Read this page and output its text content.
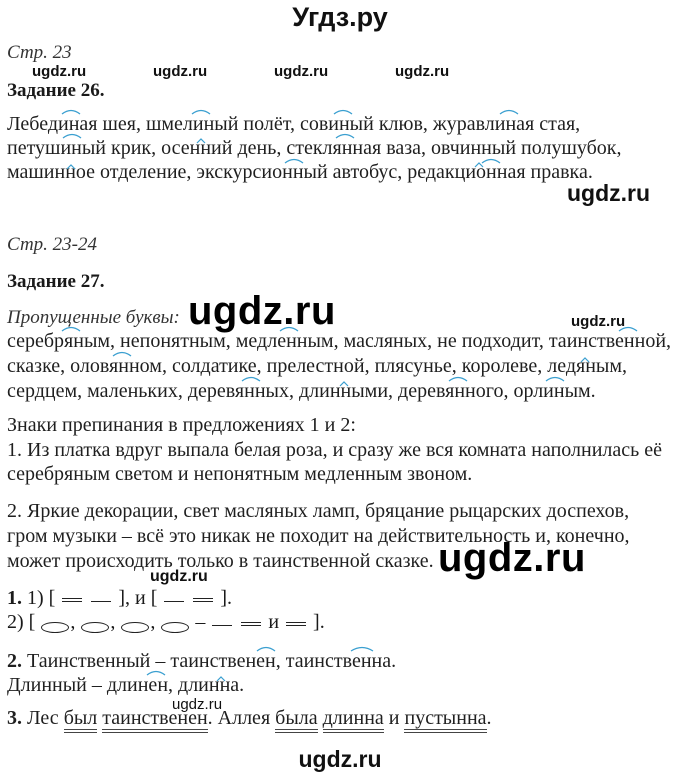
Угдз.ру
Стр. 23
ugdz.ru	ugdz.ru	ugdz.ru	ugdz.ru
Задание 26.
Лебединая шея, шмелиный полёт, совиный клюв, журавлиная стая,
петушиный крик, осенний день, стеклянная ваза, овчинный полушубок,
машинное отделение, экскурсионный автобус, редакционная правка.
ugdz.ru
Стр. 23-24
Задание 27.
Пропущенные буквы: ugdz.ru	ugdz.ru
серебряным, непонятным, медленным, масляных, не подходит, таинственной,
сказке, оловянном, солдатике, прелестной, плясунье, королеве, ледяным,
сердцем, маленьких, деревянных, длинными, деревянного, орлиным.
Знаки препинания в предложениях 1 и 2:
1. Из платка вдруг выпала белая роза, и сразу же вся комната наполнилась её
серебряным светом и непонятным медленным звоном.
2. Яркие декорации, свет масляных ламп, бряцание рыцарских доспехов,
гром музыки – всё это никак не походит на действительность и, конечно,
может происходить только в таинственной сказке. ugdz.ru
ugdz.ru
1. 1) [	], и [	].
2) [ , , , –	и ].
2. Таинственный – таинственен, таинственна.
Длинный – длинен, длинна.
ugdz.ru
3. Лес был таинственен. Аллея была длинна и пустынна.
ugdz.ru
